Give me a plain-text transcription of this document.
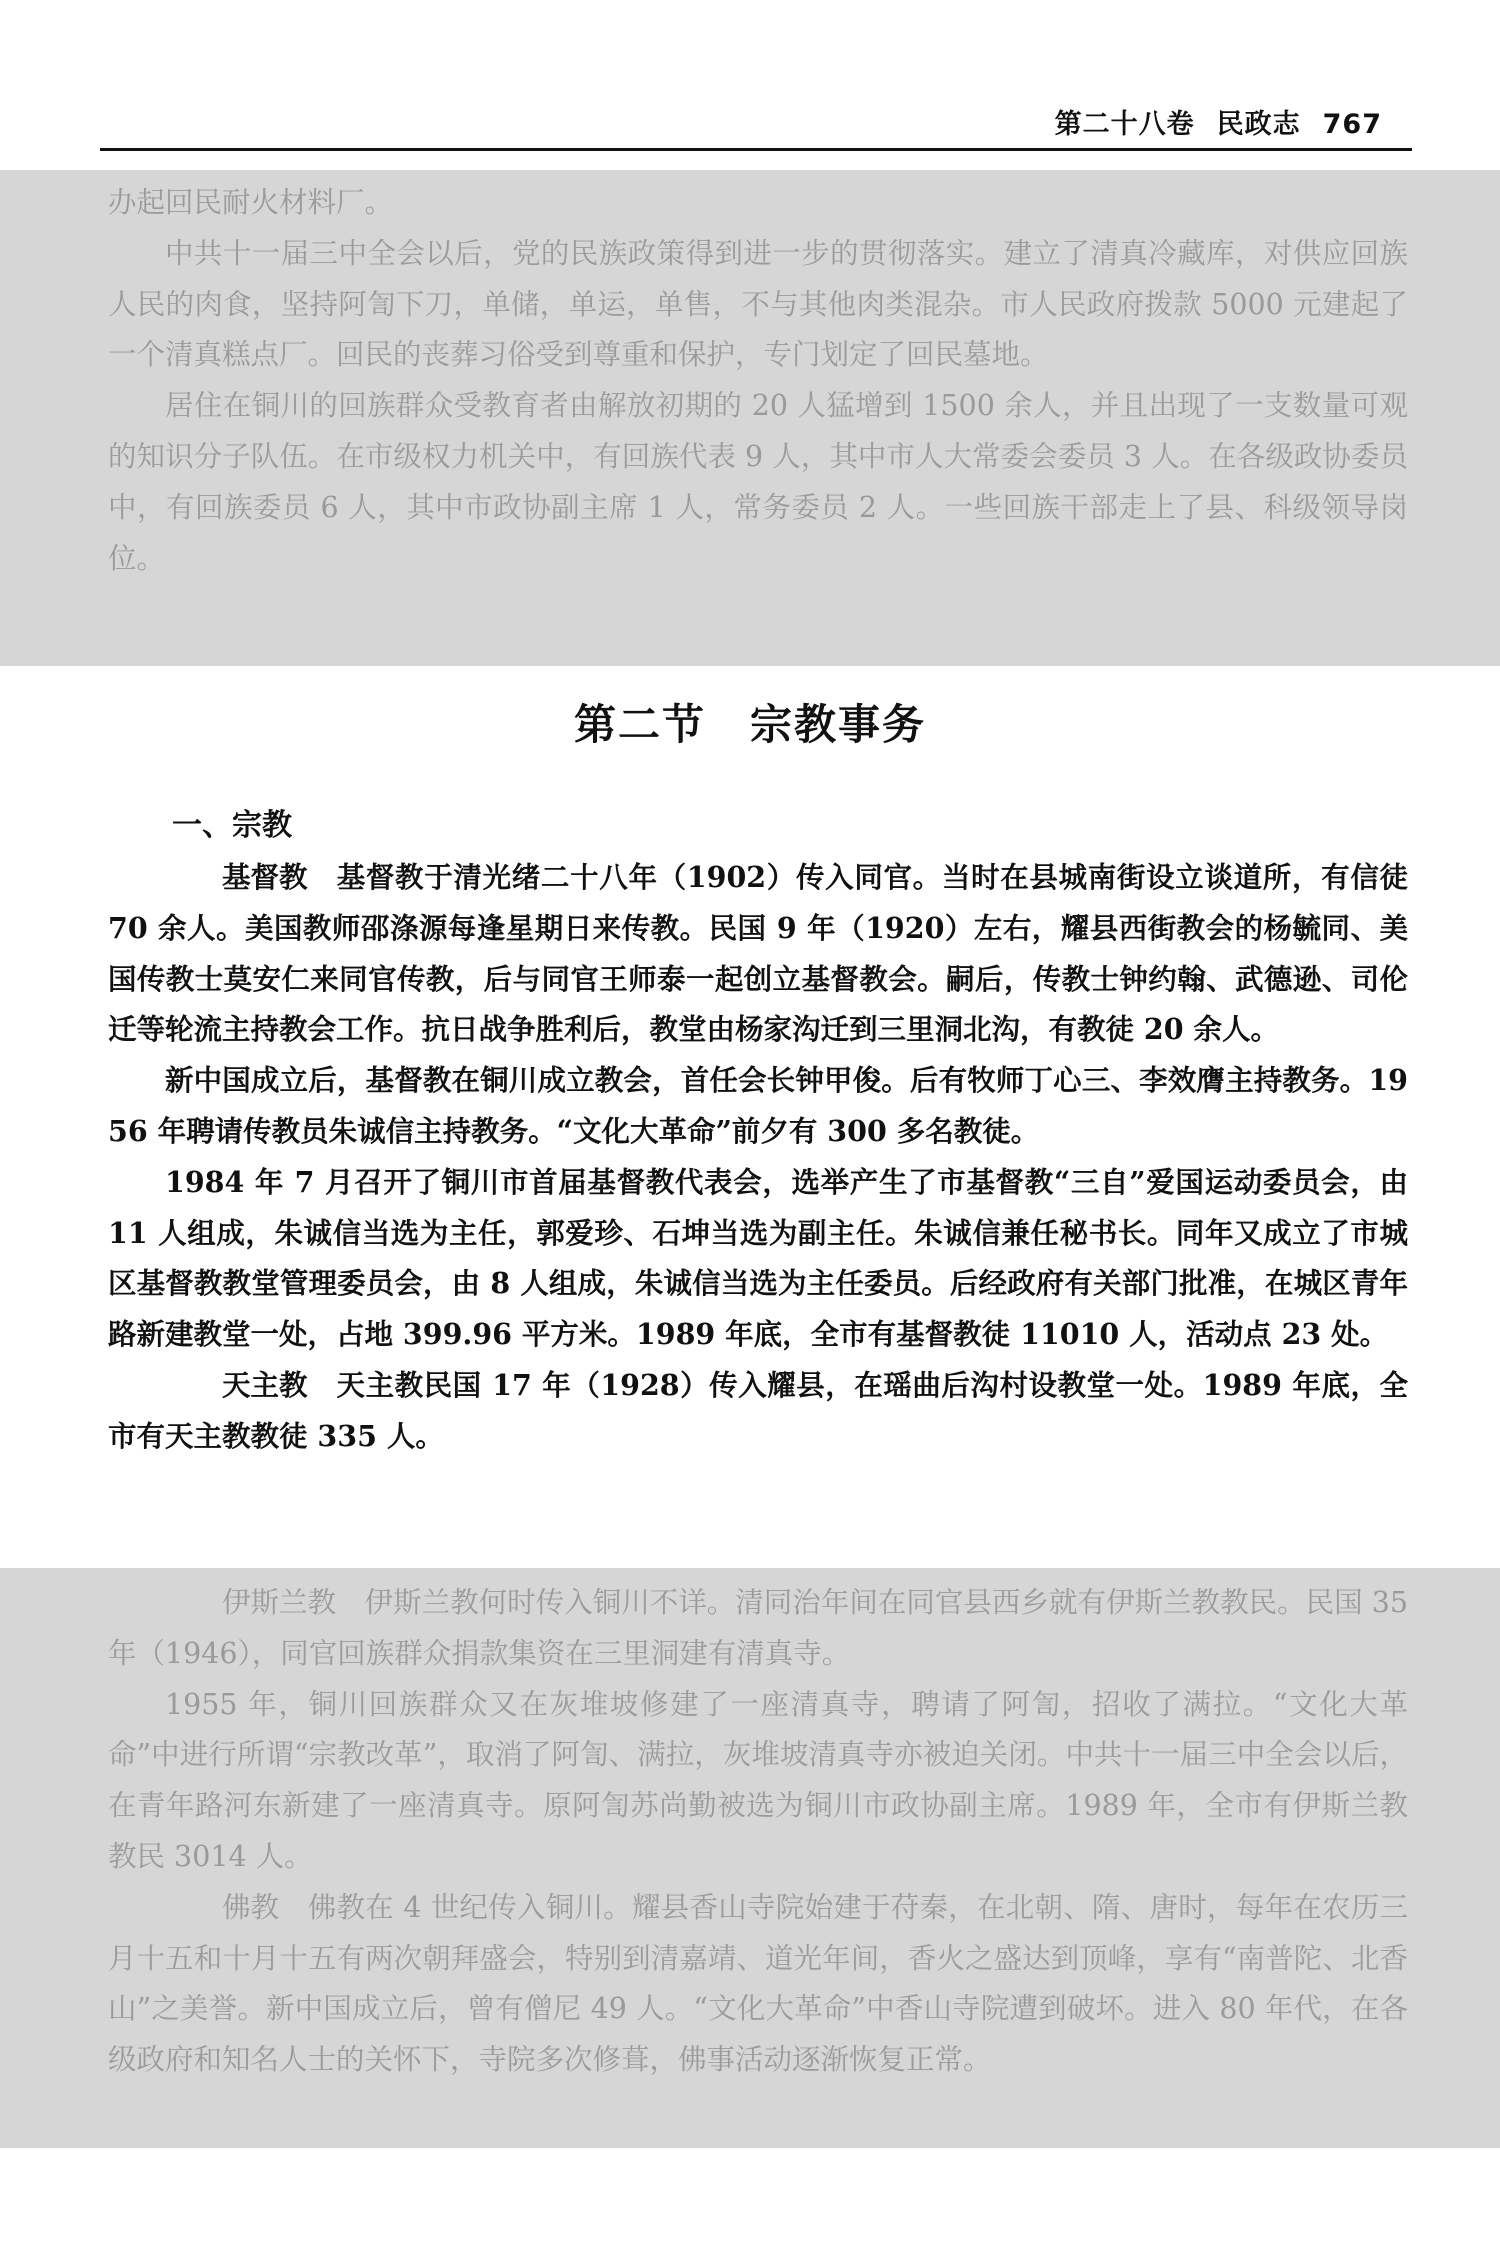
第二十八卷 民政志 767

办起回民耐火材料厂。

中共十一届三中全会以后，党的民族政策得到进一步的贯彻落实。建立了清真冷藏库，对供应回族人民的肉食，坚持阿訇下刀，单储，单运，单售，不与其他肉类混杂。市人民政府拨款 5000 元建起了一个清真糕点厂。回民的丧葬习俗受到尊重和保护，专门划定了回民墓地。

居住在铜川的回族群众受教育者由解放初期的 20 人猛增到 1500 余人，并且出现了一支数量可观的知识分子队伍。在市级权力机关中，有回族代表 9 人，其中市人大常委会委员 3 人。在各级政协委员中，有回族委员 6 人，其中市政协副主席 1 人，常务委员 2 人。一些回族干部走上了县、科级领导岗位。

第二节 宗教事务
一、宗教

基督教 基督教于清光绪二十八年（1902）传入同官。当时在县城南街设立谈道所，有信徒 70 余人。美国教师邵涤源每逢星期日来传教。民国 9 年（1920）左右，耀县西街教会的杨毓同、美国传教士莫安仁来同官传教，后与同官王师泰一起创立基督教会。嗣后，传教士钟约翰、武德逊、司伦迁等轮流主持教会工作。抗日战争胜利后，教堂由杨家沟迁到三里洞北沟，有教徒 20 余人。

新中国成立后，基督教在铜川成立教会，首任会长钟甲俊。后有牧师丁心三、李效膺主持教务。1956 年聘请传教员朱诚信主持教务。“文化大革命”前夕有 300 多名教徒。

1984 年 7 月召开了铜川市首届基督教代表会，选举产生了市基督教“三自”爱国运动委员会，由 11 人组成，朱诚信当选为主任，郭爱珍、石坤当选为副主任。朱诚信兼任秘书长。同年又成立了市城区基督教教堂管理委员会，由 8 人组成，朱诚信当选为主任委员。后经政府有关部门批准，在城区青年路新建教堂一处，占地 399.96 平方米。1989 年底，全市有基督教徒 11010 人，活动点 23 处。

天主教 天主教民国 17 年（1928）传入耀县，在瑶曲后沟村设教堂一处。1989 年底，全市有天主教教徒 335 人。

伊斯兰教 伊斯兰教何时传入铜川不详。清同治年间在同官县西乡就有伊斯兰教教民。民国 35 年（1946），同官回族群众捐款集资在三里洞建有清真寺。

1955 年，铜川回族群众又在灰堆坡修建了一座清真寺，聘请了阿訇，招收了满拉。“文化大革命”中进行所谓“宗教改革”，取消了阿訇、满拉，灰堆坡清真寺亦被迫关闭。中共十一届三中全会以后，在青年路河东新建了一座清真寺。原阿訇苏尚勤被选为铜川市政协副主席。1989 年，全市有伊斯兰教教民 3014 人。

佛教 佛教在 4 世纪传入铜川。耀县香山寺院始建于苻秦，在北朝、隋、唐时，每年在农历三月十五和十月十五有两次朝拜盛会，特别到清嘉靖、道光年间，香火之盛达到顶峰，享有“南普陀、北香山”之美誉。新中国成立后，曾有僧尼 49 人。“文化大革命”中香山寺院遭到破坏。进入 80 年代，在各级政府和知名人士的关怀下，寺院多次修葺，佛事活动逐渐恢复正常。
